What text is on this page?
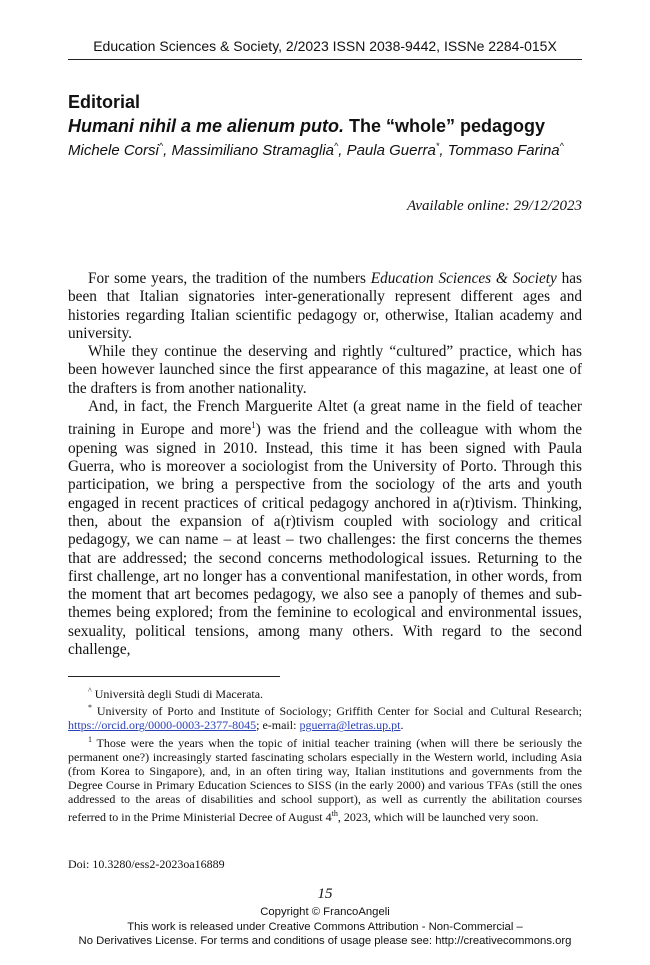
Education Sciences & Society, 2/2023 ISSN 2038-9442, ISSNe 2284-015X
Editorial
Humani nihil a me alienum puto. The “whole” pedagogy
Michele Corsi^, Massimiliano Stramaglia^, Paula Guerra*, Tommaso Farina^
Available online: 29/12/2023

For some years, the tradition of the numbers Education Sciences & Society has been that Italian signatories inter-generationally represent different ages and histories regarding Italian scientific pedagogy or, otherwise, Italian academy and university.

While they continue the deserving and rightly “cultured” practice, which has been however launched since the first appearance of this magazine, at least one of the drafters is from another nationality.

And, in fact, the French Marguerite Altet (a great name in the field of teacher training in Europe and more$^1$) was the friend and the colleague with whom the opening was signed in 2010. Instead, this time it has been signed with Paula Guerra, who is moreover a sociologist from the University of Porto. Through this participation, we bring a perspective from the sociology of the arts and youth engaged in recent practices of critical pedagogy anchored in a(r)tivism. Thinking, then, about the expansion of a(r)tivism coupled with sociology and critical pedagogy, we can name – at least – two challenges: the first concerns the themes that are addressed; the second concerns methodological issues. Returning to the first challenge, art no longer has a conventional manifestation, in other words, from the moment that art becomes pedagogy, we also see a panoply of themes and sub-themes being explored; from the feminine to ecological and environmental issues, sexuality, political tensions, among many others. With regard to the second challenge,

^ Università degli Studi di Macerata.

* University of Porto and Institute of Sociology; Griffith Center for Social and Cultural Research; https://orcid.org/0000-0003-2377-8045; e-mail: pguerra@letras.up.pt.

$^1$ Those were the years when the topic of initial teacher training (when will there be seriously the permanent one?) increasingly started fascinating scholars especially in the Western world, including Asia (from Korea to Singapore), and, in an often tiring way, Italian institutions and governments from the Degree Course in Primary Education Sciences to SISS (in the early 2000) and various TFAs (still the ones addressed to the areas of disabilities and school support), as well as currently the abilitation courses referred to in the Prime Ministerial Decree of August 4th, 2023, which will be launched very soon.

Doi: 10.3280/ess2-2023oa16889
15
Copyright © FrancoAngeli
This work is released under Creative Commons Attribution - Non-Commercial –
No Derivatives License. For terms and conditions of usage please see: http://creativecommons.org
